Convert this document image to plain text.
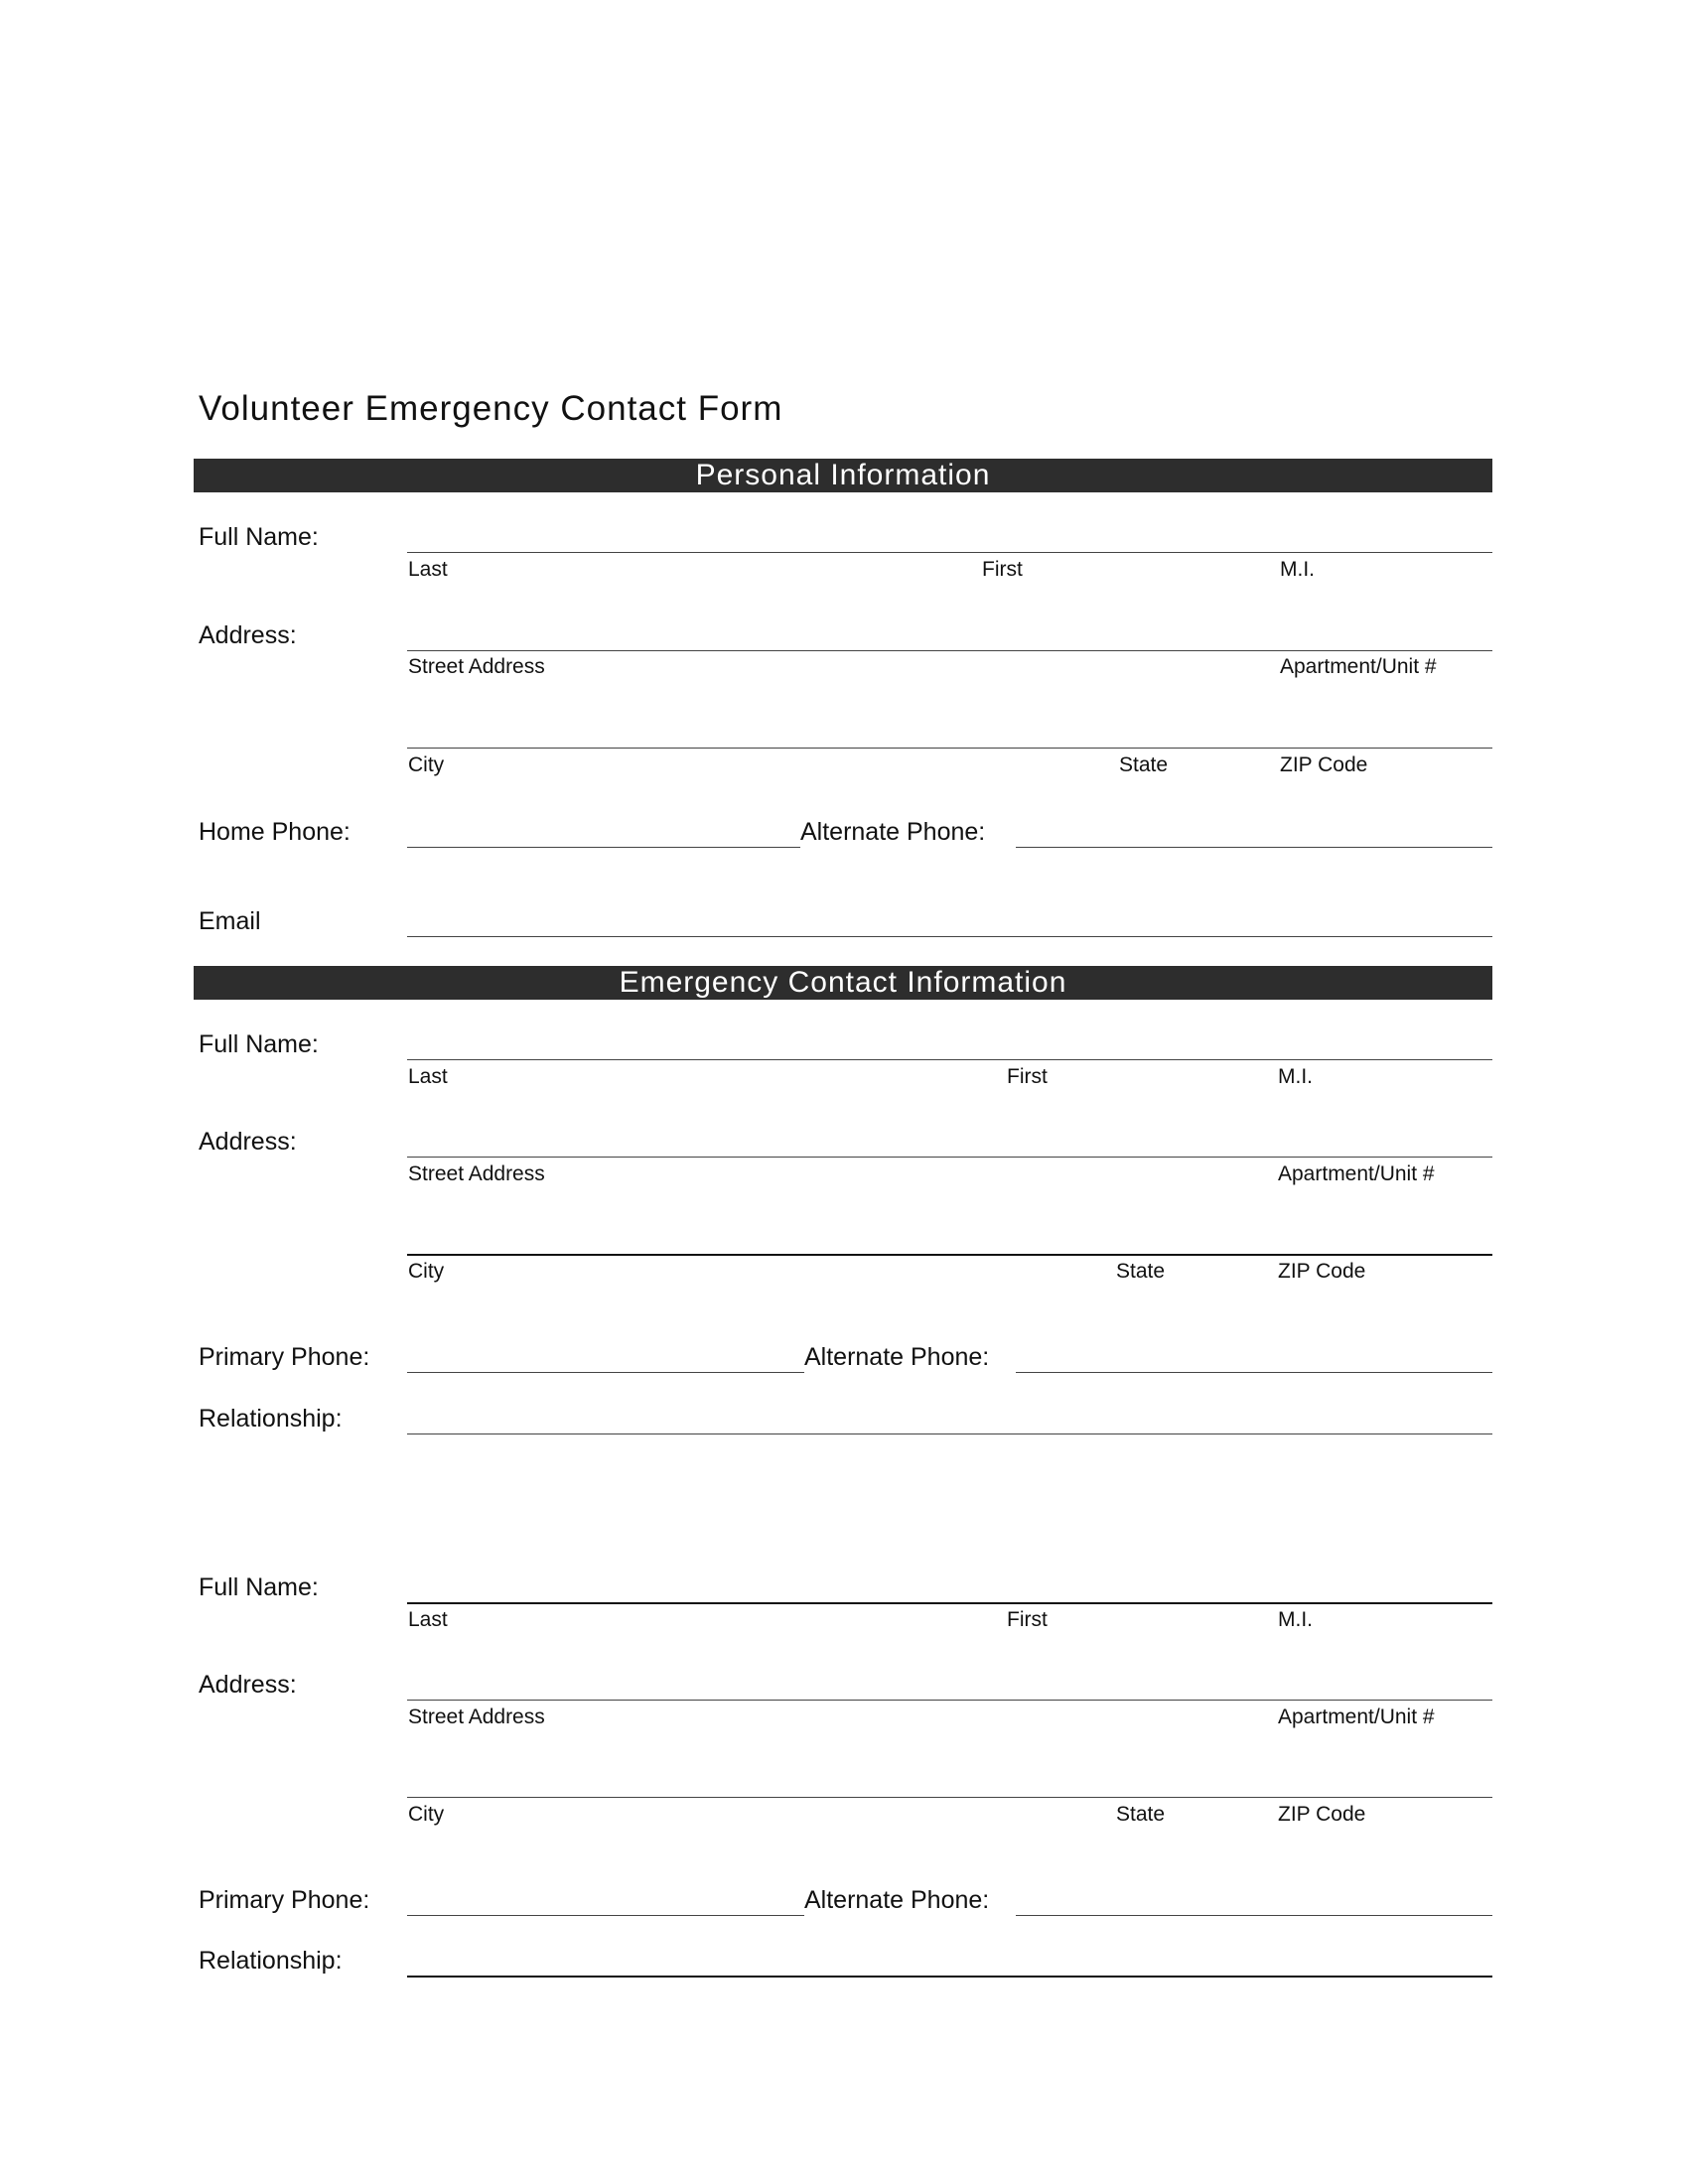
Volunteer Emergency Contact Form
Personal Information
Full Name:
Last	First	M.I.
Address:
Street Address	Apartment/Unit #
City	State	ZIP Code
Home Phone:	Alternate Phone:
Email
Emergency Contact Information
Full Name:
Last	First	M.I.
Address:
Street Address	Apartment/Unit #
City	State	ZIP Code
Primary Phone:	Alternate Phone:
Relationship:
Full Name:
Last	First	M.I.
Address:
Street Address	Apartment/Unit #
City	State	ZIP Code
Primary Phone:	Alternate Phone:
Relationship:
